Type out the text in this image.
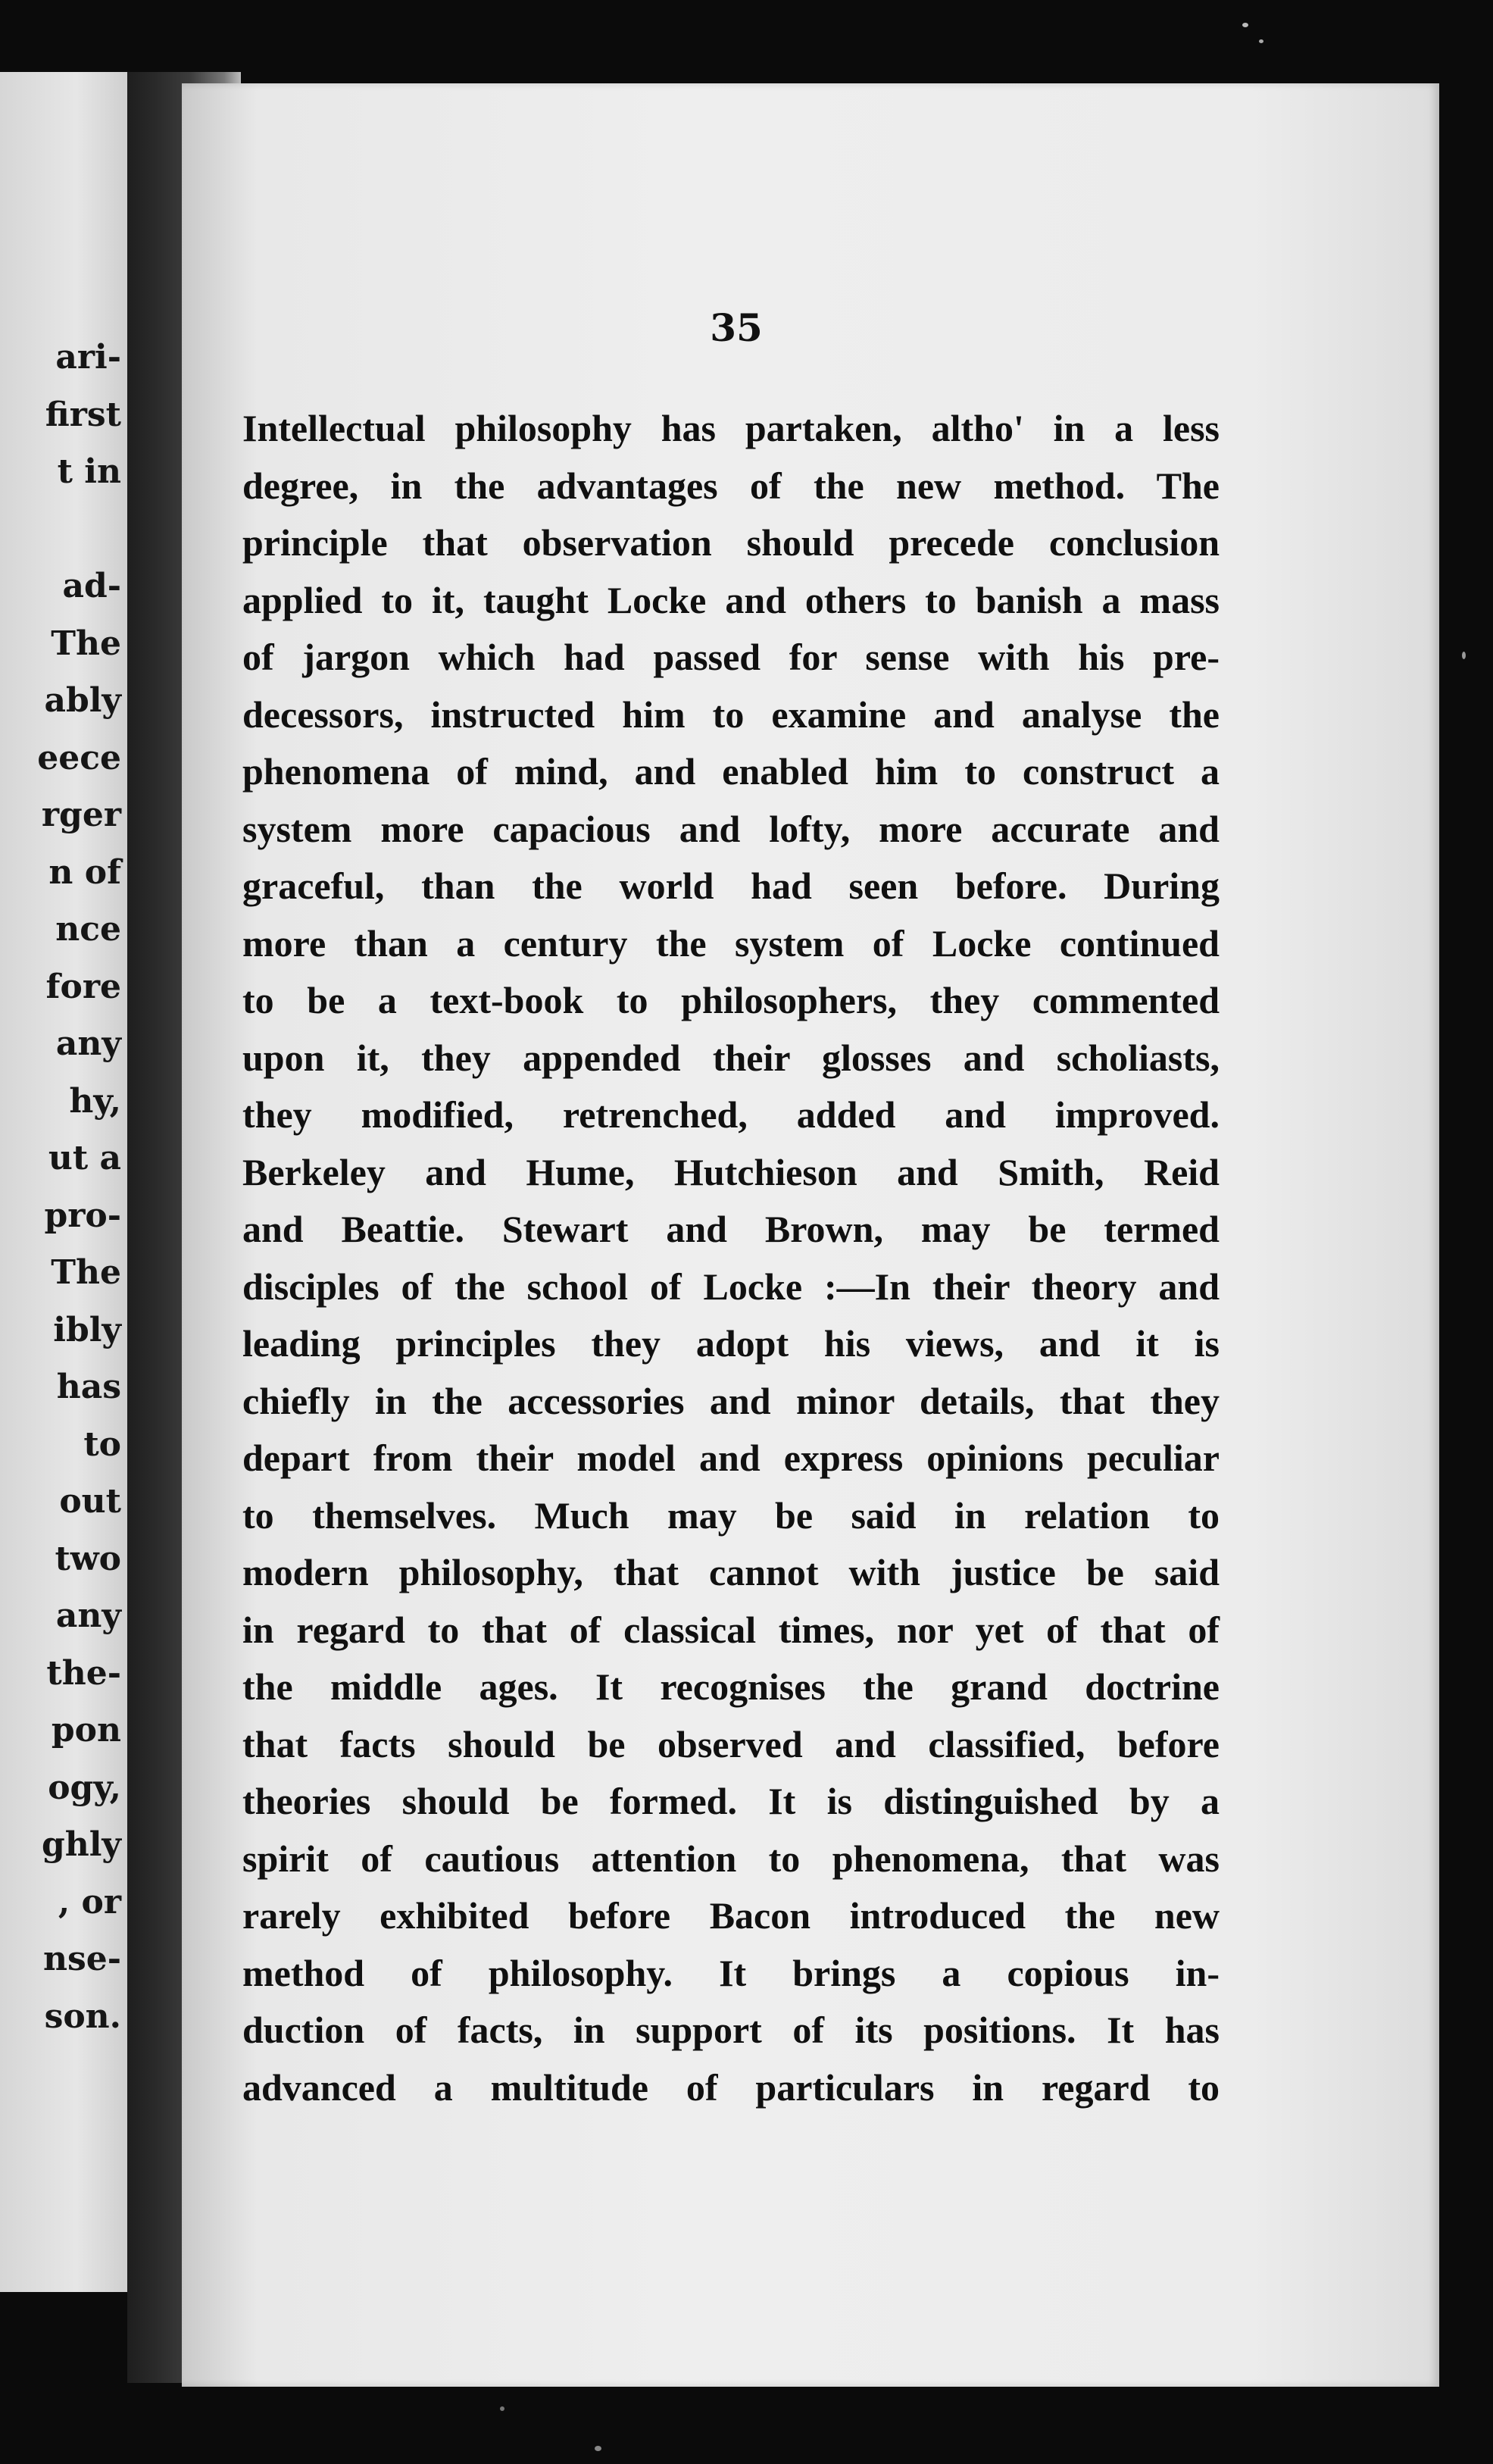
ari-
first
t in
ad-
The
ably
eece
rger
n of
nce
fore
any
hy,
ut a
pro-
The
ibly
has
to
out
two
any
the-
pon
ogy,
ghly
, or
nse-
son.
35
Intellectual philosophy has partaken, altho' in a less
degree, in the advantages of the new method. The
principle that observation should precede conclusion
applied to it, taught Locke and others to banish a mass
of jargon which had passed for sense with his pre-
decessors, instructed him to examine and analyse the
phenomena of mind, and enabled him to construct a
system more capacious and lofty, more accurate and
graceful, than the world had seen before. During
more than a century the system of Locke continued
to be a text-book to philosophers, they commented
upon it, they appended their glosses and scholiasts,
they modified, retrenched, added and improved.
Berkeley and Hume, Hutchieson and Smith, Reid
and Beattie. Stewart and Brown, may be termed
disciples of the school of Locke :—In their theory and
leading principles they adopt his views, and it is
chiefly in the accessories and minor details, that they
depart from their model and express opinions peculiar
to themselves. Much may be said in relation to
modern philosophy, that cannot with justice be said
in regard to that of classical times, nor yet of that of
the middle ages. It recognises the grand doctrine
that facts should be observed and classified, before
theories should be formed. It is distinguished by a
spirit of cautious attention to phenomena, that was
rarely exhibited before Bacon introduced the new
method of philosophy. It brings a copious in-
duction of facts, in support of its positions. It has
advanced a multitude of particulars in regard to
